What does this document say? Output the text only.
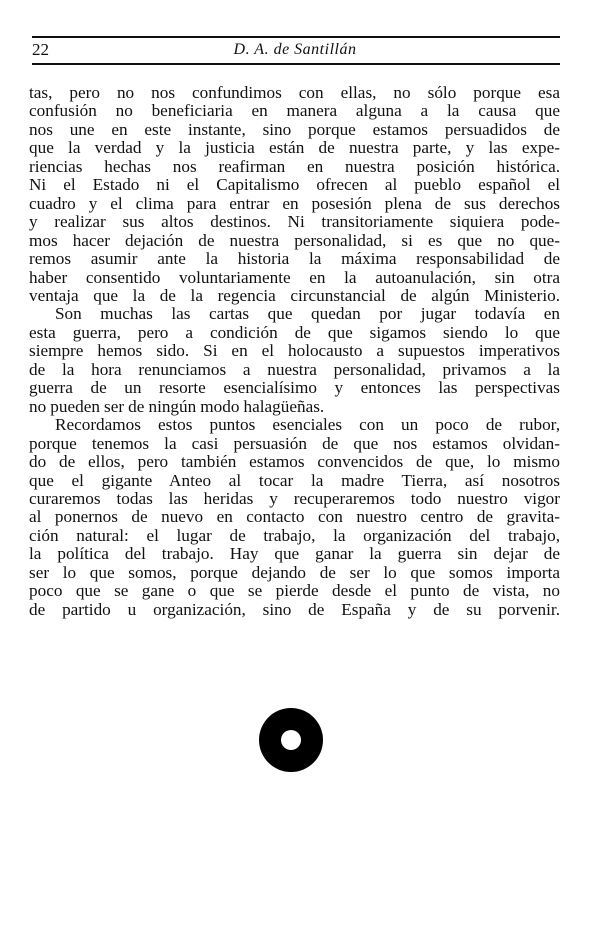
22	D. A. de Santillán
tas, pero no nos confundimos con ellas, no sólo porque esa
confusión no beneficiaria en manera alguna a la causa que
nos une en este instante, sino porque estamos persuadidos de
que la verdad y la justicia están de nuestra parte, y las expe-
riencias hechas nos reafirman en nuestra posición histórica.
Ni el Estado ni el Capitalismo ofrecen al pueblo español el
cuadro y el clima para entrar en posesión plena de sus derechos
y realizar sus altos destinos. Ni transitoriamente siquiera pode-
mos hacer dejación de nuestra personalidad, si es que no que-
remos asumir ante la historia la máxima responsabilidad de
haber consentido voluntariamente en la autoanulación, sin otra
ventaja que la de la regencia circunstancial de algún Ministerio.
Son muchas las cartas que quedan por jugar todavía en
esta guerra, pero a condición de que sigamos siendo lo que
siempre hemos sido. Si en el holocausto a supuestos imperativos
de la hora renunciamos a nuestra personalidad, privamos a la
guerra de un resorte esencialísimo y entonces las perspectivas
no pueden ser de ningún modo halagüeñas.
Recordamos estos puntos esenciales con un poco de rubor,
porque tenemos la casi persuasión de que nos estamos olvidan-
do de ellos, pero también estamos convencidos de que, lo mismo
que el gigante Anteo al tocar la madre Tierra, así nosotros
curaremos todas las heridas y recuperaremos todo nuestro vigor
al ponernos de nuevo en contacto con nuestro centro de gravita-
ción natural: el lugar de trabajo, la organización del trabajo,
la política del trabajo. Hay que ganar la guerra sin dejar de
ser lo que somos, porque dejando de ser lo que somos importa
poco que se gane o que se pierde desde el punto de vista, no
de partido u organización, sino de España y de su porvenir.
